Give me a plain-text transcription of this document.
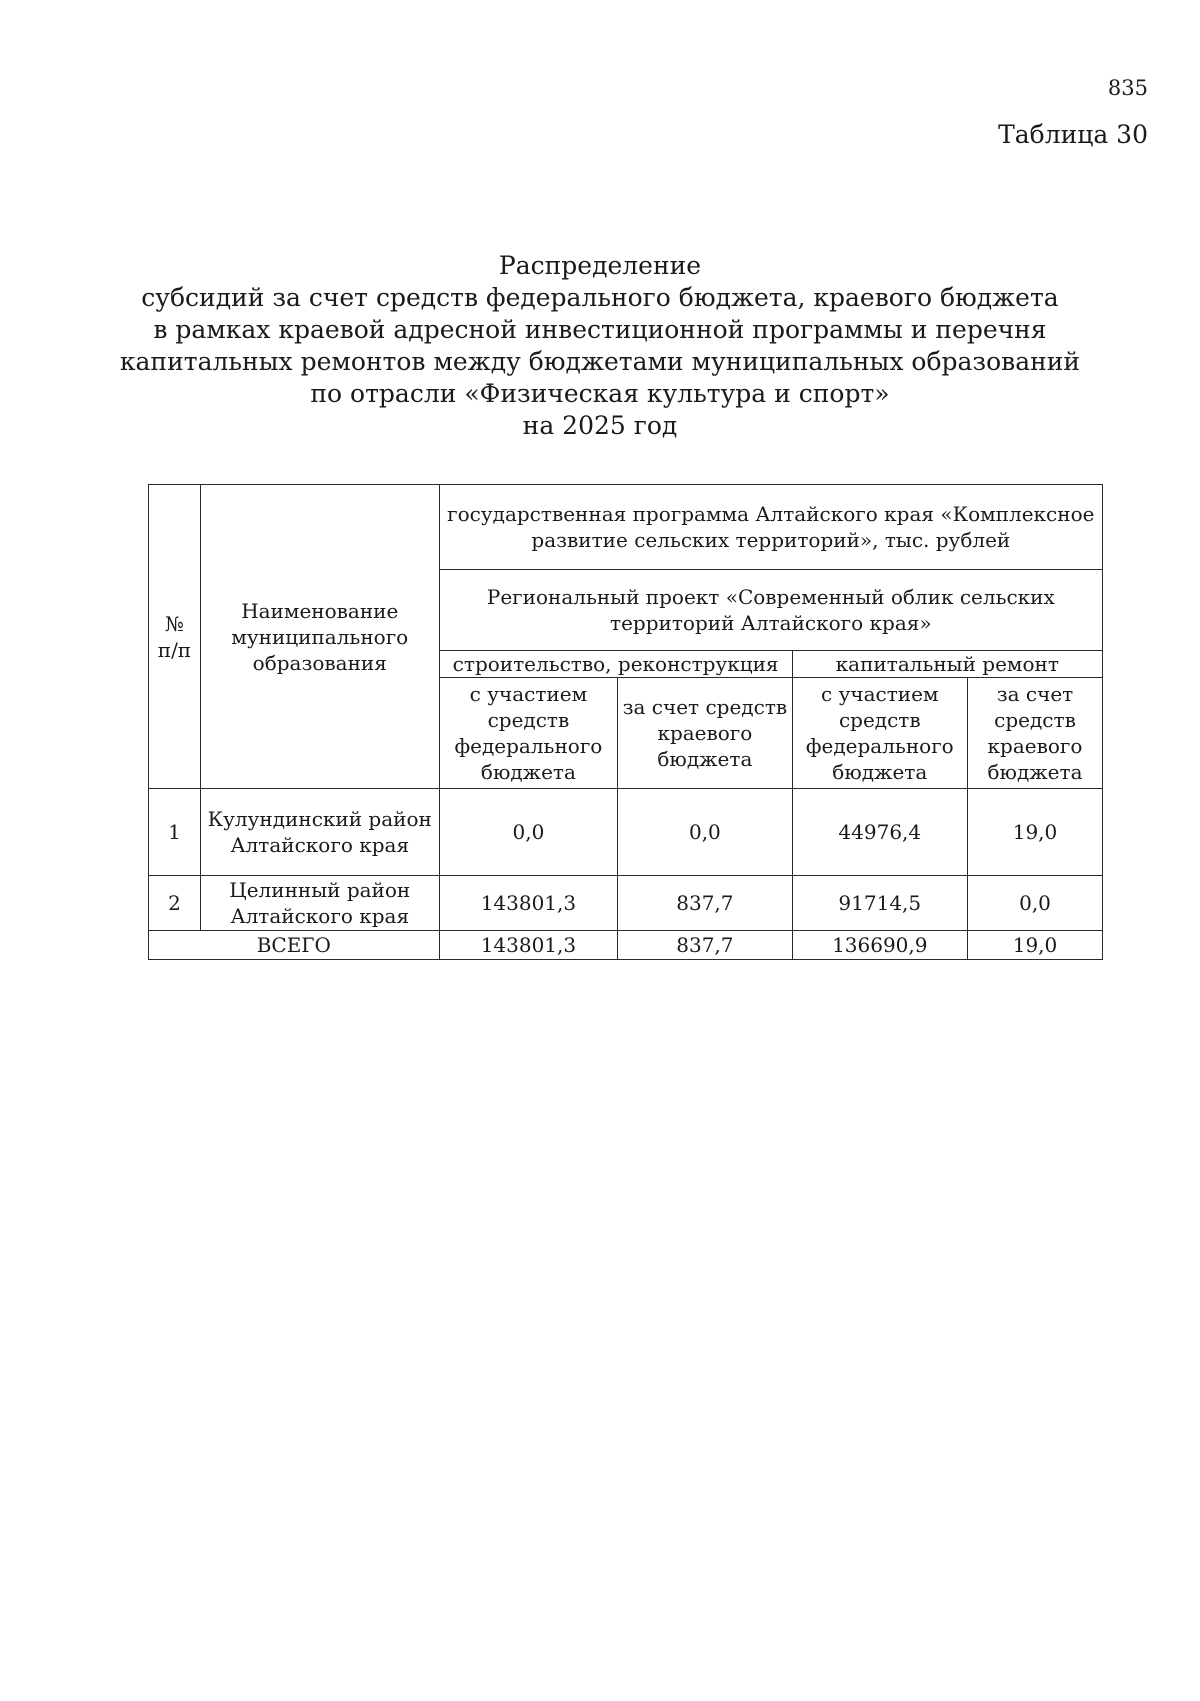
835
Таблица 30
Распределение
субсидий за счет средств федерального бюджета, краевого бюджета
в рамках краевой адресной инвестиционной программы и перечня
капитальных ремонтов между бюджетами муниципальных образований
по отрасли «Физическая культура и спорт»
на 2025 год
№ п/п	Наименование муниципального образования	государственная программа Алтайского края «Комплексное развитие сельских территорий», тыс. рублей			
		Региональный проект «Современный облик сельских территорий Алтайского края»			
		строительство, реконструкция		капитальный ремонт	
		с участием средств федерального бюджета	за счет средств краевого бюджета	с участием средств федерального бюджета	за счет средств краевого бюджета
1	Кулундинский район Алтайского края	0,0	0,0	44976,4	19,0
2	Целинный район Алтайского края	143801,3	837,7	91714,5	0,0
ВСЕГО		143801,3	837,7	136690,9	19,0
